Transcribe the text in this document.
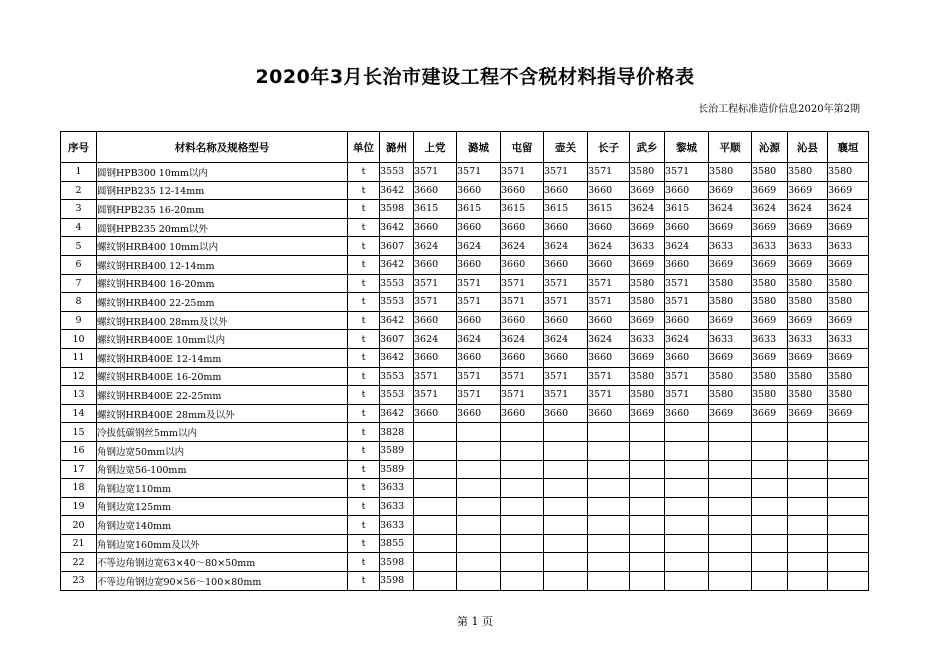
2020年3月长治市建设工程不含税材料指导价格表
长治工程标准造价信息2020年第2期
序号	材料名称及规格型号	单位	潞州	上党	潞城	屯留	壶关	长子	武乡	黎城	平顺	沁源	沁县	襄垣
1	圆钢HPB300 10mm以内	t	3553	3571	3571	3571	3571	3571	3580	3571	3580	3580	3580	3580
2	圆钢HPB235 12-14mm	t	3642	3660	3660	3660	3660	3660	3669	3660	3669	3669	3669	3669
3	圆钢HPB235 16-20mm	t	3598	3615	3615	3615	3615	3615	3624	3615	3624	3624	3624	3624
4	圆钢HPB235 20mm以外	t	3642	3660	3660	3660	3660	3660	3669	3660	3669	3669	3669	3669
5	螺纹钢HRB400 10mm以内	t	3607	3624	3624	3624	3624	3624	3633	3624	3633	3633	3633	3633
6	螺纹钢HRB400 12-14mm	t	3642	3660	3660	3660	3660	3660	3669	3660	3669	3669	3669	3669
7	螺纹钢HRB400 16-20mm	t	3553	3571	3571	3571	3571	3571	3580	3571	3580	3580	3580	3580
8	螺纹钢HRB400 22-25mm	t	3553	3571	3571	3571	3571	3571	3580	3571	3580	3580	3580	3580
9	螺纹钢HRB400 28mm及以外	t	3642	3660	3660	3660	3660	3660	3669	3660	3669	3669	3669	3669
10	螺纹钢HRB400E 10mm以内	t	3607	3624	3624	3624	3624	3624	3633	3624	3633	3633	3633	3633
11	螺纹钢HRB400E 12-14mm	t	3642	3660	3660	3660	3660	3660	3669	3660	3669	3669	3669	3669
12	螺纹钢HRB400E 16-20mm	t	3553	3571	3571	3571	3571	3571	3580	3571	3580	3580	3580	3580
13	螺纹钢HRB400E 22-25mm	t	3553	3571	3571	3571	3571	3571	3580	3571	3580	3580	3580	3580
14	螺纹钢HRB400E 28mm及以外	t	3642	3660	3660	3660	3660	3660	3669	3660	3669	3669	3669	3669
15	冷拔低碳钢丝5mm以内	t	3828											
16	角钢边宽50mm以内	t	3589											
17	角钢边宽56-100mm	t	3589											
18	角钢边宽110mm	t	3633											
19	角钢边宽125mm	t	3633											
20	角钢边宽140mm	t	3633											
21	角钢边宽160mm及以外	t	3855											
22	不等边角钢边宽63×40～80×50mm	t	3598											
23	不等边角钢边宽90×56～100×80mm	t	3598											
第 1 页
